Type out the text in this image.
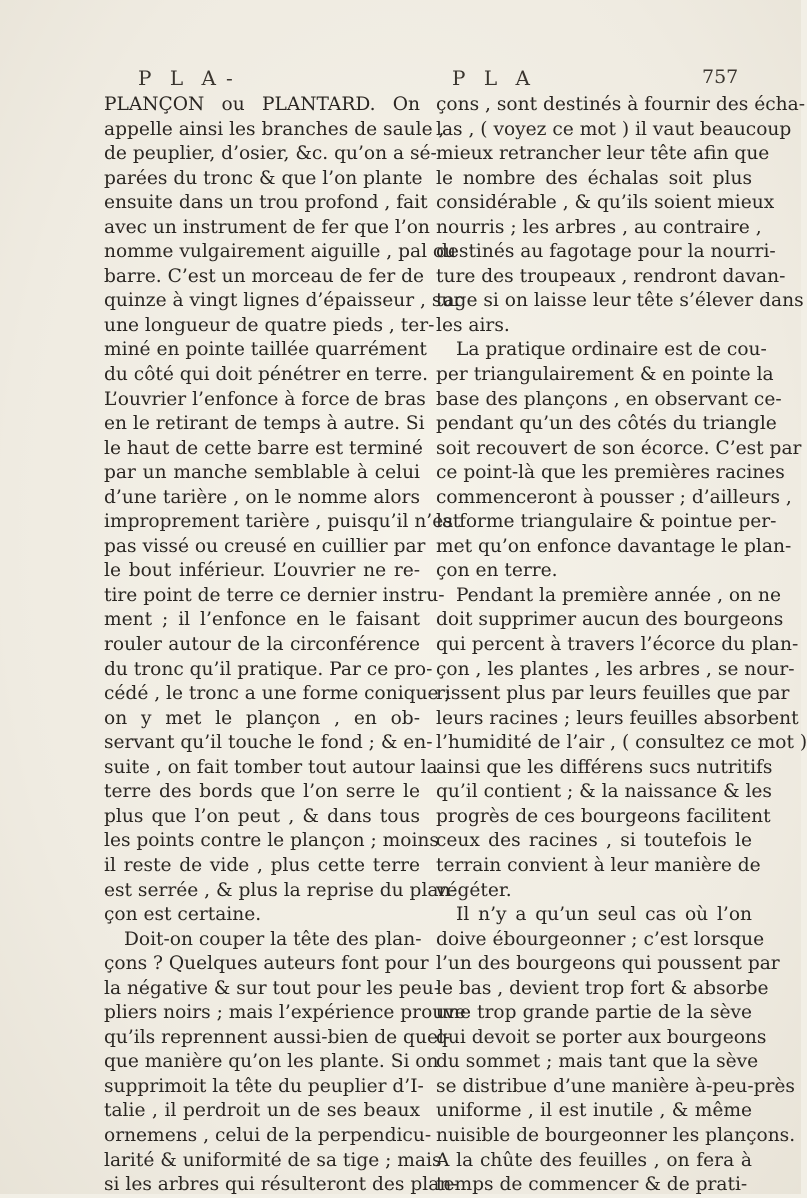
P L A -	P L A	757
PLANÇON ou PLANTARD. On
appelle ainsi les branches de saule ,
de peuplier, d’osier, &c. qu’on a sé-
parées du tronc & que l’on plante
ensuite dans un trou profond , fait
avec un instrument de fer que l’on
nomme vulgairement aiguille , pal ou
barre. C’est un morceau de fer de
quinze à vingt lignes d’épaisseur , sur
une longueur de quatre pieds , ter-
miné en pointe taillée quarrément
du côté qui doit pénétrer en terre.
L’ouvrier l’enfonce à force de bras
en le retirant de temps à autre. Si
le haut de cette barre est terminé
par un manche semblable à celui
d’une tarière , on le nomme alors
improprement tarière , puisqu’il n’est
pas vissé ou creusé en cuillier par
le bout inférieur. L’ouvrier ne re-
tire point de terre ce dernier instru-
ment ; il l’enfonce en le faisant
rouler autour de la circonférence
du tronc qu’il pratique. Par ce pro-
cédé , le tronc a une forme conique ;
on y met le plançon , en ob-
servant qu’il touche le fond ; & en-
suite , on fait tomber tout autour la
terre des bords que l’on serre le
plus que l’on peut , & dans tous
les points contre le plançon ; moins
il reste de vide , plus cette terre
est serrée , & plus la reprise du plan-
çon est certaine.
Doit-on couper la tête des plan-
çons ? Quelques auteurs font pour
la négative & sur tout pour les peu-
pliers noirs ; mais l’expérience prouve
qu’ils reprennent aussi-bien de quel-
que manière qu’on les plante. Si on
supprimoit la tête du peuplier d’I-
talie , il perdroit un de ses beaux
ornemens , celui de la perpendicu-
larité & uniformité de sa tige ; mais
si les arbres qui résulteront des plan-
çons , sont destinés à fournir des écha-
las , ( voyez ce mot ) il vaut beaucoup
mieux retrancher leur tête afin que
le nombre des échalas soit plus
considérable , & qu’ils soient mieux
nourris ; les arbres , au contraire ,
destinés au fagotage pour la nourri-
ture des troupeaux , rendront davan-
tage si on laisse leur tête s’élever dans
les airs.
La pratique ordinaire est de cou-
per triangulairement & en pointe la
base des plançons , en observant ce-
pendant qu’un des côtés du triangle
soit recouvert de son écorce. C’est par
ce point-là que les premières racines
commenceront à pousser ; d’ailleurs ,
la forme triangulaire & pointue per-
met qu’on enfonce davantage le plan-
çon en terre.
Pendant la première année , on ne
doit supprimer aucun des bourgeons
qui percent à travers l’écorce du plan-
çon , les plantes , les arbres , se nour-
rissent plus par leurs feuilles que par
leurs racines ; leurs feuilles absorbent
l’humidité de l’air , ( consultez ce mot )
ainsi que les différens sucs nutritifs
qu’il contient ; & la naissance & les
progrès de ces bourgeons facilitent
ceux des racines , si toutefois le
terrain convient à leur manière de
végéter.
Il n’y a qu’un seul cas où l’on
doive ébourgeonner ; c’est lorsque
l’un des bourgeons qui poussent par
le bas , devient trop fort & absorbe
une trop grande partie de la sève
qui devoit se porter aux bourgeons
du sommet ; mais tant que la sève
se distribue d’une manière à-peu-près
uniforme , il est inutile , & même
nuisible de bourgeonner les plançons.
A la chûte des feuilles , on fera à
temps de commencer & de prati-
